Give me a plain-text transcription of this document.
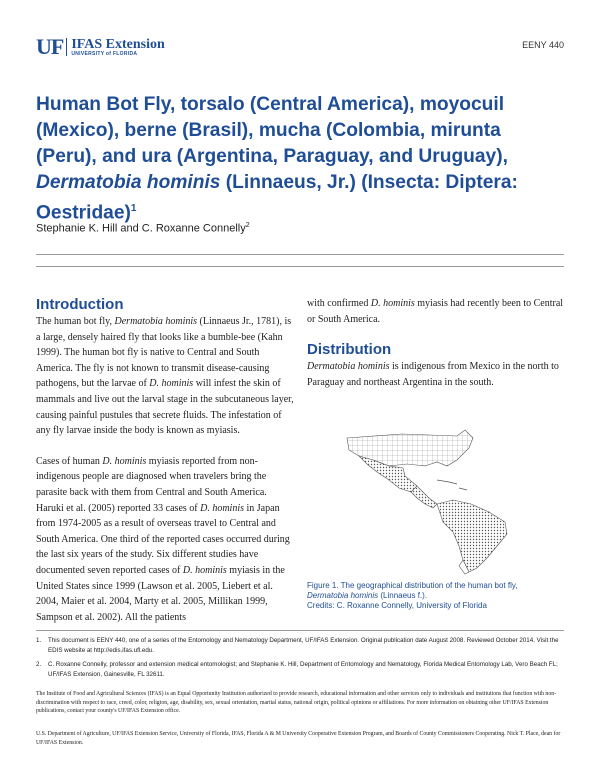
UF IFAS Extension
UNIVERSITY of FLORIDA
EENY 440
Human Bot Fly, torsalo (Central America), moyocuil (Mexico), berne (Brasil), mucha (Colombia, mirunta (Peru), and ura (Argentina, Paraguay, and Uruguay), Dermatobia hominis (Linnaeus, Jr.) (Insecta: Diptera: Oestridae)$^1$
Stephanie K. Hill and C. Roxanne Connelly$^2$
Introduction

The human bot fly, Dermatobia hominis (Linnaeus Jr., 1781), is a large, densely haired fly that looks like a bumble-bee (Kahn 1999). The human bot fly is native to Central and South America. The fly is not known to transmit disease-causing pathogens, but the larvae of D. hominis will infest the skin of mammals and live out the larval stage in the subcutaneous layer, causing painful pustules that secrete fluids. The infestation of any fly larvae inside the body is known as myiasis.

Cases of human D. hominis myiasis reported from non-indigenous people are diagnosed when travelers bring the parasite back with them from Central and South America. Haruki et al. (2005) reported 33 cases of D. hominis in Japan from 1974-2005 as a result of overseas travel to Central and South America. One third of the reported cases occurred during the last six years of the study. Six different studies have documented seven reported cases of D. hominis myiasis in the United States since 1999 (Lawson et al. 2005, Liebert et al. 2004, Maier et al. 2004, Marty et al. 2005, Millikan 1999, Sampson et al. 2002). All the patients

with confirmed D. hominis myiasis had recently been to Central or South America.

Distribution

Dermatobia hominis is indigenous from Mexico in the north to Paraguay and northeast Argentina in the south.

Figure 1. The geographical distribution of the human bot fly,
Dermatobia hominis (Linnaeus f.).
Credits: C. Roxanne Connelly, University of Florida
1. This document is EENY 440, one of a series of the Entomology and Nematology Department, UF/IFAS Extension. Original publication date August 2008. Reviewed October 2014. Visit the EDIS website at http://edis.ifas.ufl.edu.
2. C. Roxanne Connelly, professor and extension medical entomologist; and Stephanie K. Hill, Department of Entomology and Nematology, Florida Medical Entomology Lab, Vero Beach FL; UF/IFAS Extension, Gainesville, FL 32611.

The Institute of Food and Agricultural Sciences (IFAS) is an Equal Opportunity Institution authorized to provide research, educational information and other services only to individuals and institutions that function with non-discrimination with respect to race, creed, color, religion, age, disability, sex, sexual orientation, marital status, national origin, political opinions or affiliations. For more information on obtaining other UF/IFAS Extension publications, contact your county's UF/IFAS Extension office.

U.S. Department of Agriculture, UF/IFAS Extension Service, University of Florida, IFAS, Florida A & M University Cooperative Extension Program, and Boards of County Commissioners Cooperating. Nick T. Place, dean for UF/IFAS Extension.
